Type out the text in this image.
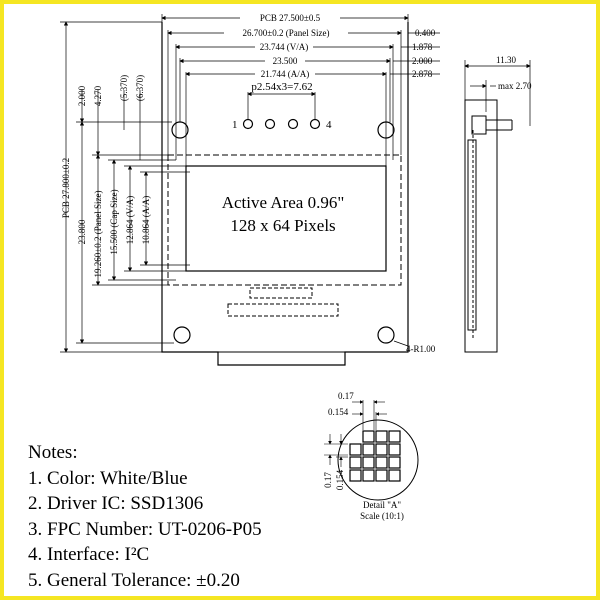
1	4
Active Area 0.96"
128 x 64 Pixels
PCB 27.500±0.5
26.700±0.2 (Panel Size)
23.744 (V/A)
23.500
21.744 (A/A)
p2.54x3=7.62
0.400
1.878
2.000
2.878
PCB 27.800±0.2
23.800 19.260±0.2 (Panel Size) 15.500 (Cap Size) 12.864 (V/A) 10.864 (A/A)
2.000 4.270 (5.370) (6.370)
4-R1.00
11.30
max 2.70
0.17
0.154
0.17 0.154
Detail "A"
Scale (10:1)
Notes:
1. Color: White/Blue
2. Driver IC: SSD1306
3. FPC Number: UT-0206-P05
4. Interface: I²C
5. General Tolerance: ±0.20
